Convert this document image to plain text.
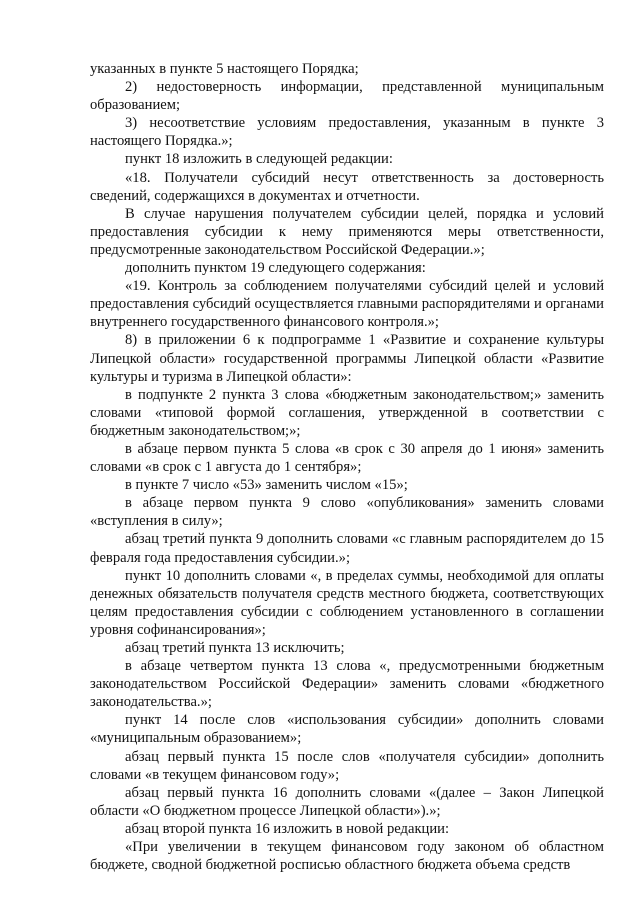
указанных в пункте 5 настоящего Порядка;

2) недостоверность информации, представленной муниципальным образованием;

3) несоответствие условиям предоставления, указанным в пункте 3 настоящего Порядка.»;

пункт 18 изложить в следующей редакции:

«18. Получатели субсидий несут ответственность за достоверность сведений, содержащихся в документах и отчетности.

В случае нарушения получателем субсидии целей, порядка и условий предоставления субсидии к нему применяются меры ответственности, предусмотренные законодательством Российской Федерации.»;

дополнить пунктом 19 следующего содержания:

«19. Контроль за соблюдением получателями субсидий целей и условий предоставления субсидий осуществляется главными распорядителями и органами внутреннего государственного финансового контроля.»;

8) в приложении 6 к подпрограмме 1 «Развитие и сохранение культуры Липецкой области» государственной программы Липецкой области «Развитие культуры и туризма в Липецкой области»:

в подпункте 2 пункта 3 слова «бюджетным законодательством;» заменить словами «типовой формой соглашения, утвержденной в соответствии с бюджетным законодательством;»;

в абзаце первом пункта 5 слова «в срок с 30 апреля до 1 июня» заменить словами «в срок с 1 августа до 1 сентября»;

в пункте 7 число «53» заменить числом «15»;

в абзаце первом пункта 9 слово «опубликования» заменить словами «вступления в силу»;

абзац третий пункта 9 дополнить словами «с главным распорядителем до 15 февраля года предоставления субсидии.»;

пункт 10 дополнить словами «, в пределах суммы, необходимой для оплаты денежных обязательств получателя средств местного бюджета, соответствующих целям предоставления субсидии с соблюдением установленного в соглашении уровня софинансирования»;

абзац третий пункта 13 исключить;

в абзаце четвертом пункта 13 слова «, предусмотренными бюджетным законодательством Российской Федерации» заменить словами «бюджетного законодательства.»;

пункт 14 после слов «использования субсидии» дополнить словами «муниципальным образованием»;

абзац первый пункта 15 после слов «получателя субсидии» дополнить словами «в текущем финансовом году»;

абзац первый пункта 16 дополнить словами «(далее – Закон Липецкой области «О бюджетном процессе Липецкой области»).»;

абзац второй пункта 16 изложить в новой редакции:

«При увеличении в текущем финансовом году законом об областном бюджете, сводной бюджетной росписью областного бюджета объема средств
